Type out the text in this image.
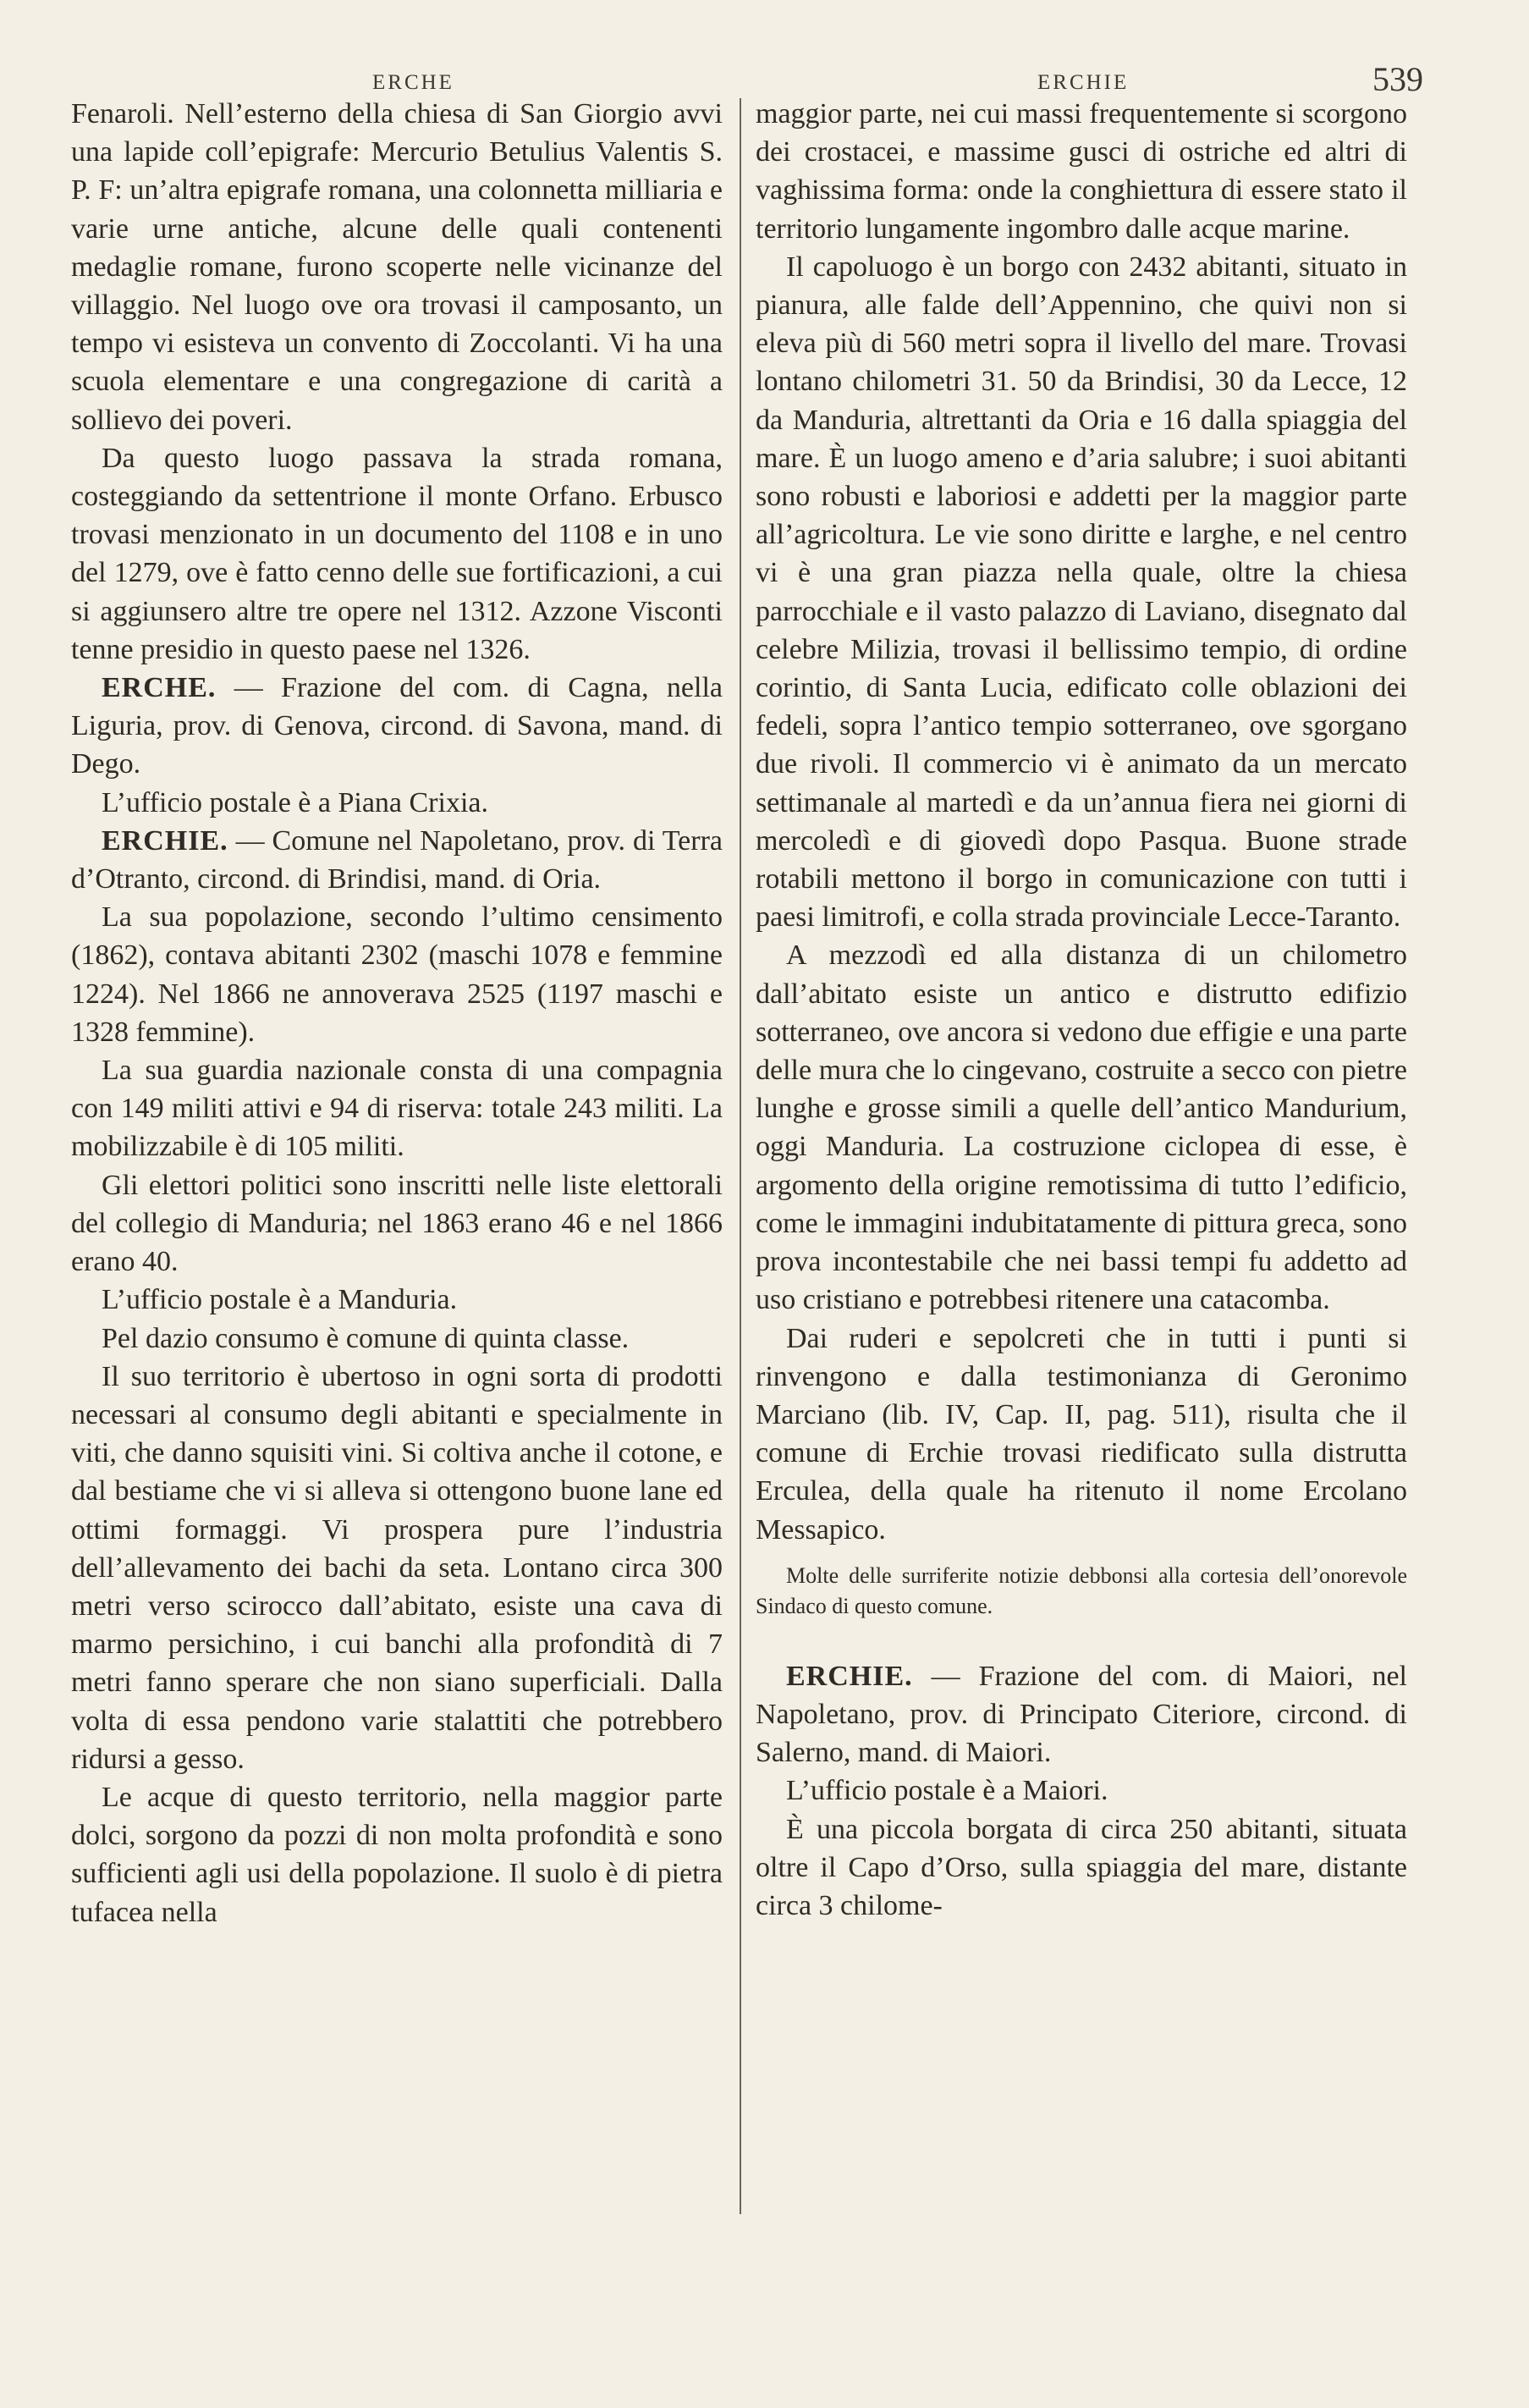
ERCHE	ERCHIE	539

Fenaroli. Nell’esterno della chiesa di San Giorgio avvi una lapide coll’epigrafe: Mercurio Betulius Valentis S. P. F: un’altra epigrafe romana, una colonnetta milliaria e varie urne antiche, alcune delle quali contenenti medaglie romane, furono scoperte nelle vicinanze del villaggio. Nel luogo ove ora trovasi il camposanto, un tempo vi esisteva un convento di Zoccolanti. Vi ha una scuola elementare e una congregazione di carità a sollievo dei poveri.

Da questo luogo passava la strada romana, costeggiando da settentrione il monte Orfano. Erbusco trovasi menzionato in un documento del 1108 e in uno del 1279, ove è fatto cenno delle sue fortificazioni, a cui si aggiunsero altre tre opere nel 1312. Azzone Visconti tenne presidio in questo paese nel 1326.

ERCHE. — Frazione del com. di Cagna, nella Liguria, prov. di Genova, circond. di Savona, mand. di Dego.

L’ufficio postale è a Piana Crixia.

ERCHIE. — Comune nel Napoletano, prov. di Terra d’Otranto, circond. di Brindisi, mand. di Oria.

La sua popolazione, secondo l’ultimo censimento (1862), contava abitanti 2302 (maschi 1078 e femmine 1224). Nel 1866 ne annoverava 2525 (1197 maschi e 1328 femmine).

La sua guardia nazionale consta di una compagnia con 149 militi attivi e 94 di riserva: totale 243 militi. La mobilizzabile è di 105 militi.

Gli elettori politici sono inscritti nelle liste elettorali del collegio di Manduria; nel 1863 erano 46 e nel 1866 erano 40.

L’ufficio postale è a Manduria.

Pel dazio consumo è comune di quinta classe.

Il suo territorio è ubertoso in ogni sorta di prodotti necessari al consumo degli abitanti e specialmente in viti, che danno squisiti vini. Si coltiva anche il cotone, e dal bestiame che vi si alleva si ottengono buone lane ed ottimi formaggi. Vi prospera pure l’industria dell’allevamento dei bachi da seta. Lontano circa 300 metri verso scirocco dall’abitato, esiste una cava di marmo persichino, i cui banchi alla profondità di 7 metri fanno sperare che non siano superficiali. Dalla volta di essa pendono varie stalattiti che potrebbero ridursi a gesso.

Le acque di questo territorio, nella maggior parte dolci, sorgono da pozzi di non molta profondità e sono sufficienti agli usi della popolazione. Il suolo è di pietra tufacea nella

maggior parte, nei cui massi frequentemente si scorgono dei crostacei, e massime gusci di ostriche ed altri di vaghissima forma: onde la conghiettura di essere stato il territorio lungamente ingombro dalle acque marine.

Il capoluogo è un borgo con 2432 abitanti, situato in pianura, alle falde dell’Appennino, che quivi non si eleva più di 560 metri sopra il livello del mare. Trovasi lontano chilometri 31. 50 da Brindisi, 30 da Lecce, 12 da Manduria, altrettanti da Oria e 16 dalla spiaggia del mare. È un luogo ameno e d’aria salubre; i suoi abitanti sono robusti e laboriosi e addetti per la maggior parte all’agricoltura. Le vie sono diritte e larghe, e nel centro vi è una gran piazza nella quale, oltre la chiesa parrocchiale e il vasto palazzo di Laviano, disegnato dal celebre Milizia, trovasi il bellissimo tempio, di ordine corintio, di Santa Lucia, edificato colle oblazioni dei fedeli, sopra l’antico tempio sotterraneo, ove sgorgano due rivoli. Il commercio vi è animato da un mercato settimanale al martedì e da un’annua fiera nei giorni di mercoledì e di giovedì dopo Pasqua. Buone strade rotabili mettono il borgo in comunicazione con tutti i paesi limitrofi, e colla strada provinciale Lecce-Taranto.

A mezzodì ed alla distanza di un chilometro dall’abitato esiste un antico e distrutto edifizio sotterraneo, ove ancora si vedono due effigie e una parte delle mura che lo cingevano, costruite a secco con pietre lunghe e grosse simili a quelle dell’antico Mandurium, oggi Manduria. La costruzione ciclopea di esse, è argomento della origine remotissima di tutto l’edificio, come le immagini indubitatamente di pittura greca, sono prova incontestabile che nei bassi tempi fu addetto ad uso cristiano e potrebbesi ritenere una catacomba.

Dai ruderi e sepolcreti che in tutti i punti si rinvengono e dalla testimonianza di Geronimo Marciano (lib. IV, Cap. II, pag. 511), risulta che il comune di Erchie trovasi riedificato sulla distrutta Erculea, della quale ha ritenuto il nome Ercolano Messapico.

Molte delle surriferite notizie debbonsi alla cortesia dell’onorevole Sindaco di questo comune.

ERCHIE. — Frazione del com. di Maiori, nel Napoletano, prov. di Principato Citeriore, circond. di Salerno, mand. di Maiori.

L’ufficio postale è a Maiori.

È una piccola borgata di circa 250 abitanti, situata oltre il Capo d’Orso, sulla spiaggia del mare, distante circa 3 chilome-
